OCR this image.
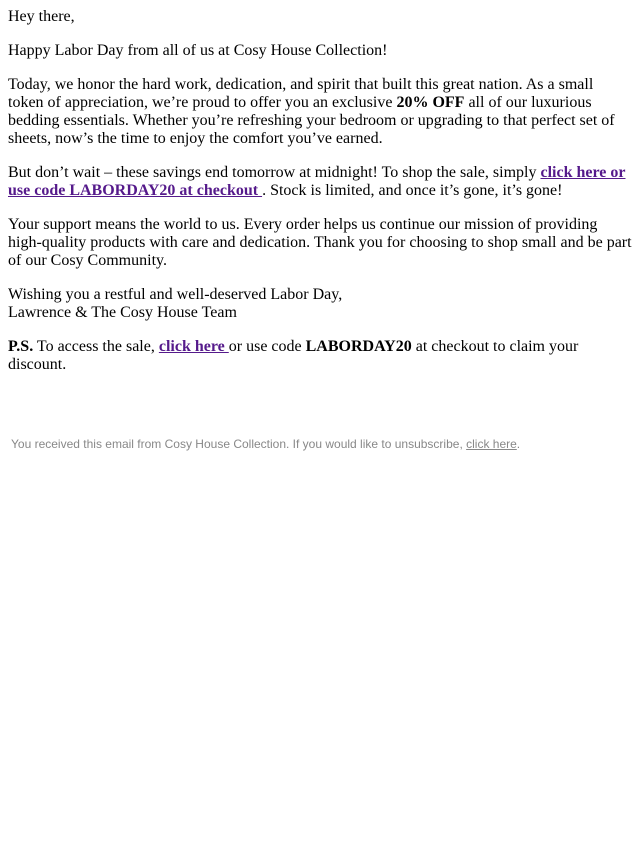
Hey there,

Happy Labor Day from all of us at Cosy House Collection!

Today, we honor the hard work, dedication, and spirit that built this great nation. As a small token of appreciation, we’re proud to offer you an exclusive 20% OFF all of our luxurious bedding essentials. Whether you’re refreshing your bedroom or upgrading to that perfect set of sheets, now’s the time to enjoy the comfort you’ve earned.

But don’t wait – these savings end tomorrow at midnight! To shop the sale, simply click here or use code LABORDAY20 at checkout . Stock is limited, and once it’s gone, it’s gone!

Your support means the world to us. Every order helps us continue our mission of providing high-quality products with care and dedication. Thank you for choosing to shop small and be part of our Cosy Community.

Wishing you a restful and well-deserved Labor Day,
Lawrence & The Cosy House Team

P.S. To access the sale, click here or use code LABORDAY20 at checkout to claim your discount.

You received this email from Cosy House Collection. If you would like to unsubscribe, click here.
